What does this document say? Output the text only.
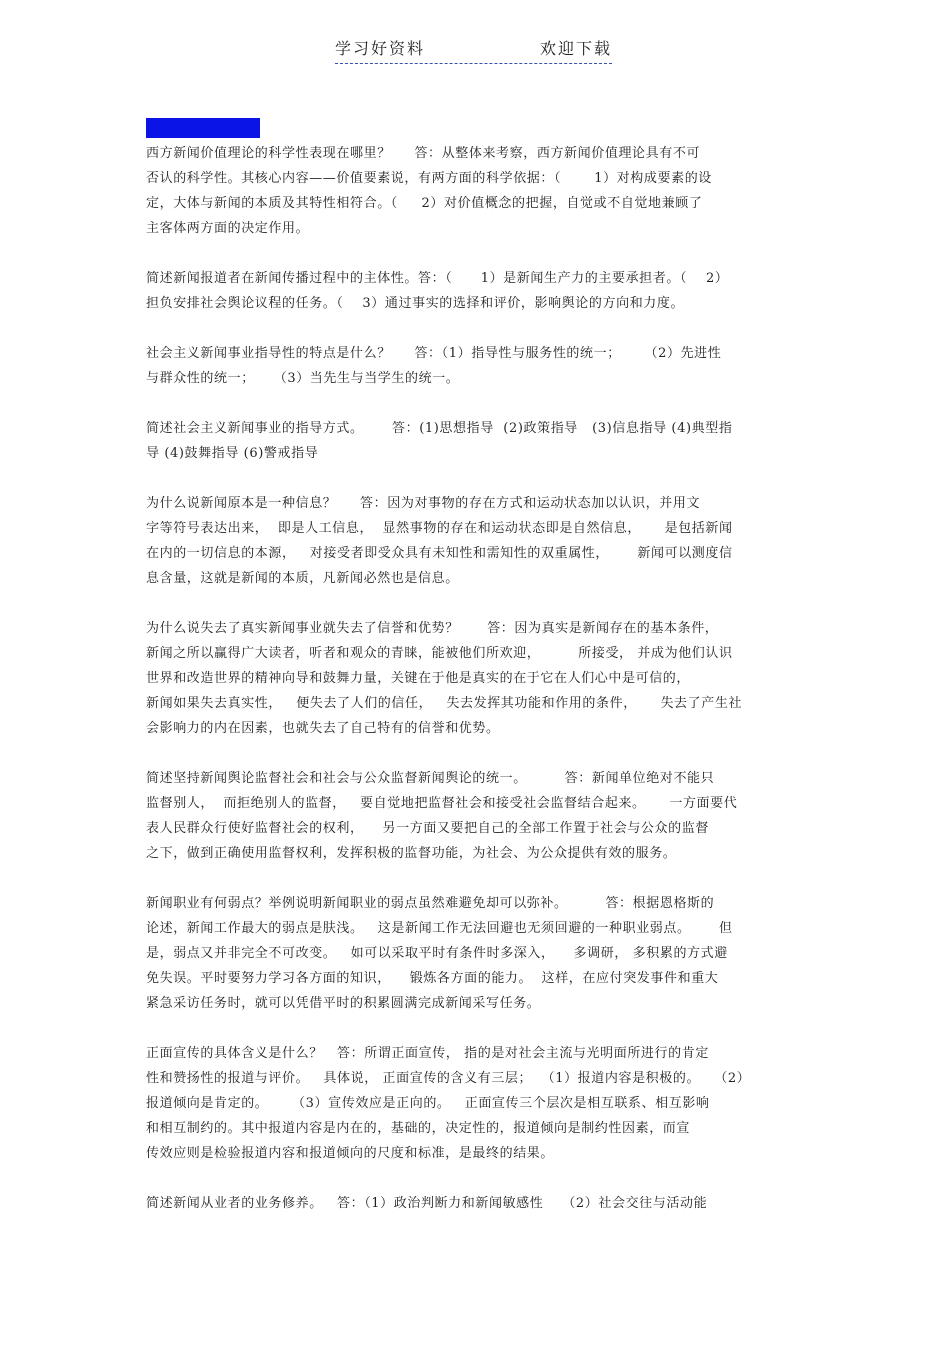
学习好资料	欢迎下载
西方新闻价值理论的科学性表现在哪里？     答：从整体来考察，西方新闻价值理论具有不可
否认的科学性。其核心内容——价值要素说，有两方面的科学依据：（       1）对构成要素的设
定，大体与新闻的本质及其特性相符合。（     2）对价值概念的把握，自觉或不自觉地兼顾了
主客体两方面的决定作用。
简述新闻报道者在新闻传播过程中的主体性。答：（      1）是新闻生产力的主要承担者。（    2）
担负安排社会舆论议程的任务。（    3）通过事实的选择和评价，影响舆论的方向和力度。
社会主义新闻事业指导性的特点是什么？     答：（1）指导性与服务性的统一；     （2）先进性
与群众性的统一；    （3）当先生与当学生的统一。
简述社会主义新闻事业的指导方式。      答：(1)思想指导  (2)政策指导   (3)信息指导 (4)典型指
导 (4)鼓舞指导 (6)警戒指导
为什么说新闻原本是一种信息？     答：因为对事物的存在方式和运动状态加以认识，并用文
字等符号表达出来，  即是人工信息，  显然事物的存在和运动状态即是自然信息，     是包括新闻
在内的一切信息的本源，   对接受者即受众具有未知性和需知性的双重属性，      新闻可以测度信
息含量，这就是新闻的本质，凡新闻必然也是信息。
为什么说失去了真实新闻事业就失去了信誉和优势？      答：因为真实是新闻存在的基本条件，
新闻之所以赢得广大读者，听者和观众的青睐，能被他们所欢迎，        所接受， 并成为他们认识
世界和改造世界的精神向导和鼓舞力量，关键在于他是真实的在于它在人们心中是可信的，
新闻如果失去真实性，   便失去了人们的信任，   失去发挥其功能和作用的条件，     失去了产生社
会影响力的内在因素，也就失去了自己特有的信誉和优势。
简述坚持新闻舆论监督社会和社会与公众监督新闻舆论的统一。        答：新闻单位绝对不能只
监督别人，  而拒绝别人的监督，   要自觉地把监督社会和接受社会监督结合起来。     一方面要代
表人民群众行使好监督社会的权利，    另一方面又要把自己的全部工作置于社会与公众的监督
之下，做到正确使用监督权利，发挥积极的监督功能，为社会、为公众提供有效的服务。
新闻职业有何弱点？举例说明新闻职业的弱点虽然难避免却可以弥补。        答：根据恩格斯的
论述，新闻工作最大的弱点是肤浅。   这是新闻工作无法回避也无须回避的一种职业弱点。      但
是，弱点又并非完全不可改变。   如可以采取平时有条件时多深入，    多调研， 多积累的方式避
免失误。平时要努力学习各方面的知识，    锻炼各方面的能力。  这样，在应付突发事件和重大
紧急采访任务时，就可以凭借平时的积累圆满完成新闻采写任务。
正面宣传的具体含义是什么？   答：所谓正面宣传， 指的是对社会主流与光明面所进行的肯定
性和赞扬性的报道与评价。   具体说， 正面宣传的含义有三层；  （1）报道内容是积极的。   （2）
报道倾向是肯定的。     （3）宣传效应是正向的。   正面宣传三个层次是相互联系、相互影响
和相互制约的。其中报道内容是内在的，基础的，决定性的，报道倾向是制约性因素，而宣
传效应则是检验报道内容和报道倾向的尺度和标准，是最终的结果。
简述新闻从业者的业务修养。   答：（1）政治判断力和新闻敏感性    （2）社会交往与活动能
